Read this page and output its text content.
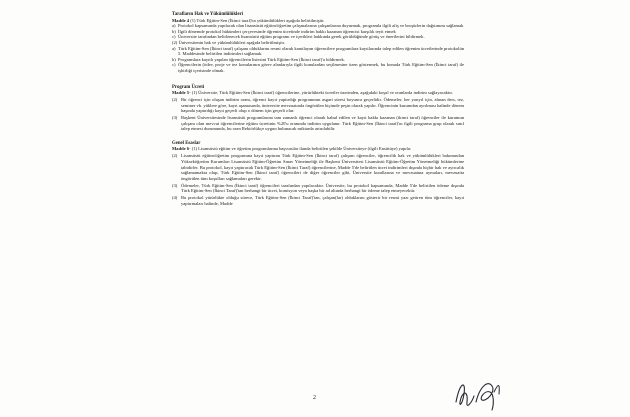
Tarafların Hak ve Yükümlülükleri

Madde 4 (1) Türk Eğitim-Sen (İkinci taraf)'ın yükümlülükleri aşağıda belirtilmiştir.

a) Protokol kapsamında yapılacak olan lisansüstü eğitim/öğretim çalışmalarına çalışanlarına duyurmak, programla ilgili afiş ve broşürlerin dağıtımını sağlamak
b) İlgili dönemde protokol hükümleri çerçevesinde öğrenim ücretinde indirim hakkı kazanan öğrencisi karşılık teyit etmek
c) Üniversite tarafından belirlenecek lisansüstü eğitim programı ve içerikleri hakkında gerek görüldüğünde görüş ve önerilerini bildirmek.

(2) Üniversitenin hak ve yükümlülükleri aşağıda belirtilmiştir.

a) Türk Eğitim-Sen (İkinci taraf) çalışanı olduklarını resmi olarak kanıtlayan öğrencilere programlara kayıtlarında talep edilen öğrenim ücretlerinde protokolün 5. Maddesinde belirtilen indirimleri sağlamak.
b) Programlara kayıtlı yapılan öğrencilerin listesini Türk Eğitim-Sen (İkinci taraf)'a bildirmek.
c) Öğrencilerin (ödev, proje ve tez konularının görev alanlarıyla ilgili konulardan seçilmesine özen göstermek, bu konuda Türk Eğitim-Sen (İkinci taraf) ile işbirliği içerisinde olmak.

Program Ücreti

Madde 5- (1) Üniversite, Türk Eğitim-Sen (İkinci taraf) öğrencilerine, yürürlükteki ücretler üzerinden, aşağıdaki koşul ve oranlarda indirim sağlayacaktır.

(2) Bir öğrenci için oluşan indirim oranı, öğrenci kayıt yaptırdığı programının asgari süresi boyunca geçerlidir. Ödemeler, her yarıyıl için, alınan ders, tez, seminer vb. yüklere göre, kayıt aşamasında, üniversite mevzuatında öngörülen biçimde peşin olarak yapılır. Öğrencinin kurumdan ayrılması halinde dönem başında yaptırdığı kayıt geçerli olup o dönem için geçerli olur.
(3) Başkent Üniversitesinde lisansüstü programlarına tam zamanlı öğrenci olarak kabul edilen ve kayıt hakkı kazanan (ikinci taraf) öğrenciler ile kurumun çalışanı olan mevcut öğrencilerine eğitim ücretinin %20'u oranında indirim uygulanır. Türk Eğitim-Sen (İkinci taraf)'ın ilgili programa grup olarak sınıf talep etmesi durumunda, bu oran Rektörlükçe uygun bulunacak miktarda artırılabilir.

Genel Esaslar

Madde 6- (1) Lisansüstü eğitim ve öğretim programlarına başvurular ilanda belirtilen şekilde Üniversiteye (ilgili Enstitüye) yapılır.

(2) Lisansüstü eğitim/öğretim programına kayıt yaptıran Türk Eğitim-Sen (İkinci taraf) çalışanı öğrenciler, öğrencilik hak ve yükümlülükleri bakımından Yükseköğretim Kurumları Lisansüstü Eğitim-Öğretim Sınav Yönetmeliği ile Başkent Üniversitesi Lisansüstü Eğitim-Öğretim Yönetmeliği hükümlerine tabidirler. Bu protokol, kayıt yaptıracak Türk Eğitim-Sen (İkinci Taraf) öğrencilerine, Madde 5'de belirtilen ücret indirimleri dışında hiçbir hak ve ayrıcalık sağlamamakta olup, Türk Eğitim-Sen (İkinci taraf) öğrencileri de diğer öğrenciler gibi, Üniversite kurallarına ve mevzuatına uymaları, mevzuatta öngörülen tüm koşulları sağlamaları gerekir.
(3) Ödemeler, Türk Eğitim-Sen (İkinci taraf) öğrencileri tarafından yapılacaktır. Üniversite, bu protokol kapsamında, Madde 5'de belirtilen ödeme dışında Türk Eğitim-Sen (İkinci Taraf)'tan herhangi bir ücret, komisyon veya başka bir ad altında herhangi bir ödeme talep etmeyecektir.
(4) Bu protokol yürürlükte olduğu sürece, Türk Eğitim-Sen (İkinci Taraf)'tan, çalışan(lar) olduklarını gösterir bir resmi yazı getiren tüm öğrenciler, kayıt yaptırmaları halinde, Madde
2
